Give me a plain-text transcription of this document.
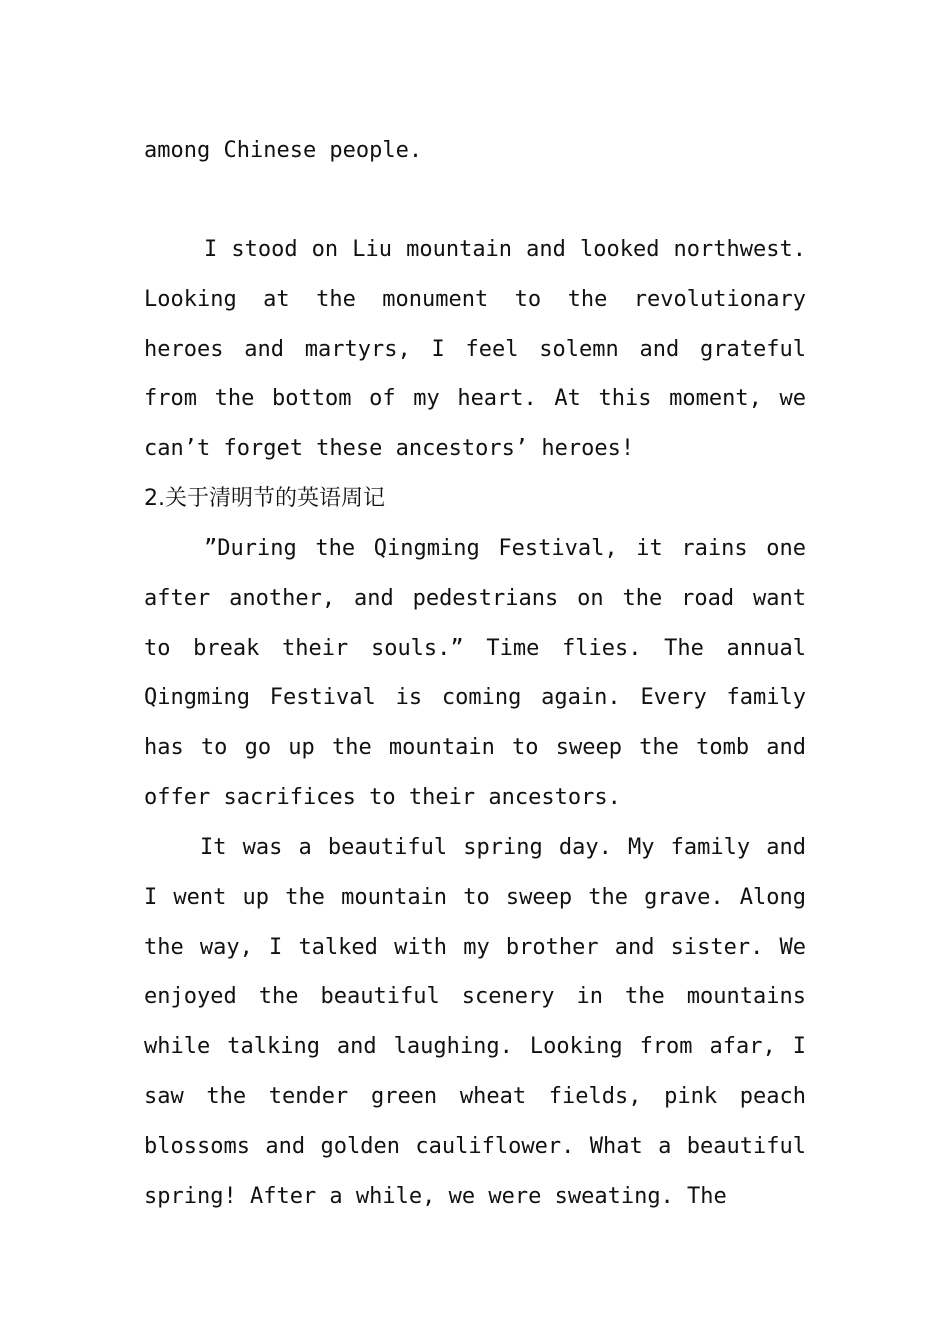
among Chinese people.
I stood on Liu mountain and looked northwest. Looking at the monument to the revolutionary heroes and martyrs, I feel solemn and grateful from the bottom of my heart. At this moment, we can’t forget these ancestors’ heroes!
2.关于清明节的英语周记
”During the Qingming Festival, it rains one after another, and pedestrians on the road want to break their souls.” Time flies. The annual Qingming Festival is coming again. Every family has to go up the mountain to sweep the tomb and offer sacrifices to their ancestors.
It was a beautiful spring day. My family and I went up the mountain to sweep the grave. Along the way, I talked with my brother and sister. We enjoyed the beautiful scenery in the mountains while talking and laughing. Looking from afar, I saw the tender green wheat fields, pink peach blossoms and golden cauliflower. What a beautiful spring! After a while, we were sweating. The
